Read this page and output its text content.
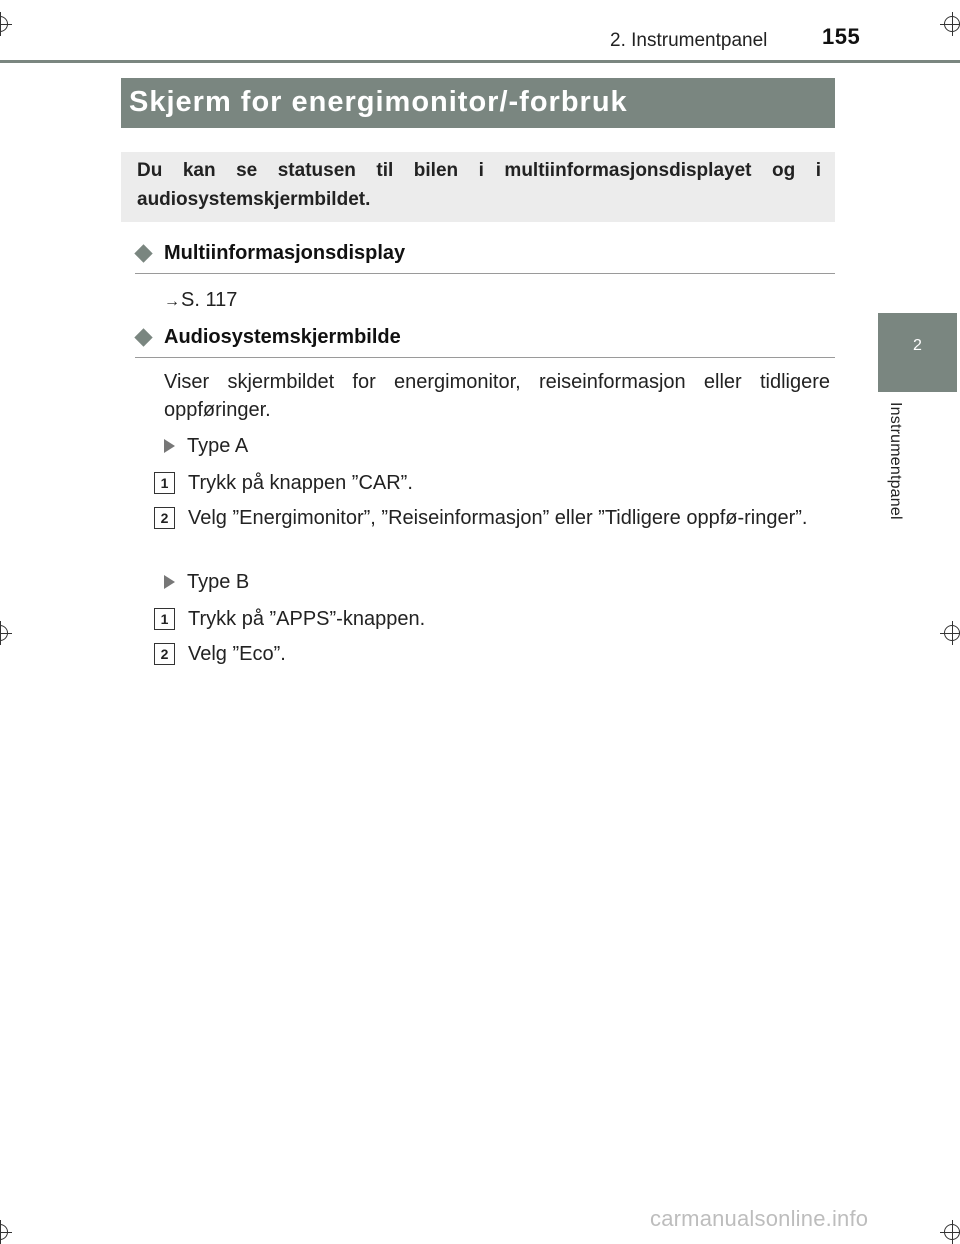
2. Instrumentpanel 155
2
Instrumentpanel
Skjerm for energimonitor/-forbruk
Du kan se statusen til bilen i multiinformasjonsdisplayet og i audiosystemskjermbildet.
Multiinformasjonsdisplay
→S. 117
Audiosystemskjermbilde
Viser skjermbildet for energimonitor, reiseinformasjon eller tidligere oppføringer.
Type A
1 Trykk på knappen ”CAR”.
2 Velg ”Energimonitor”, ”Reiseinformasjon” eller ”Tidligere oppfø-ringer”.
Type B
1 Trykk på ”APPS”-knappen.
2 Velg ”Eco”.
carmanualsonline.info
